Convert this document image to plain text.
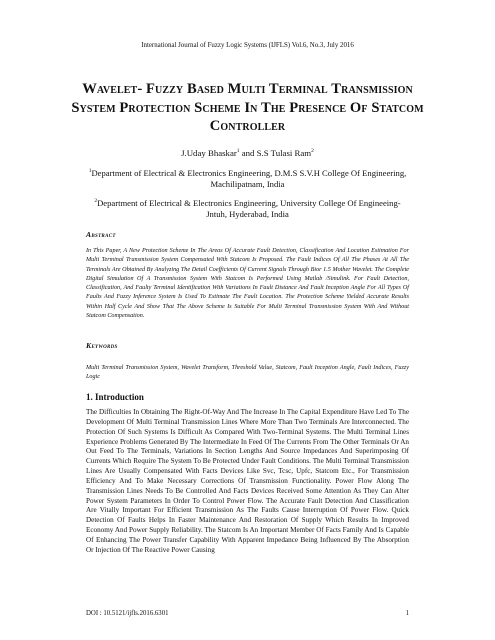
International Journal of Fuzzy Logic Systems (IJFLS) Vol.6, No.3, July 2016
Wavelet- Fuzzy Based Multi Terminal Transmission System Protection Scheme In The Presence Of Statcom Controller
J.Uday Bhaskar$^1$ and S.S Tulasi Ram$^2$
$^1$Department of Electrical & Electronics Engineering, D.M.S S.V.H College Of Engineering, Machilipatnam, India
$^2$Department of Electrical & Electronics Engineering, University College Of Engineeing-Jntuh, Hyderabad, India
Abstract
In This Paper, A New Protection Scheme In The Areas Of Accurate Fault Detection, Classification And Location Estimation For Multi Terminal Transmission System Compensated With Statcom Is Proposed. The Fault Indices Of All The Phases At All The Terminals Are Obtained By Analyzing The Detail Coefficients Of Current Signals Through Bior 1.5 Mother Wavelet. The Complete Digital Simulation Of A Transmission System With Statcom Is Performed Using Matlab /Simulink. For Fault Detection, Classification, And Faulty Terminal Identification With Variations In Fault Distance And Fault Inception Angle For All Types Of Faults And Fuzzy Inference System Is Used To Estimate The Fault Location. The Protection Scheme Yielded Accurate Results Within Half Cycle And Show That The Above Scheme Is Suitable For Multi Terminal Transmission System With And Without Statcom Compensation.
Keywords
Multi Terminal Transmission System, Wavelet Transform, Threshold Value, Statcom, Fault Inception Angle, Fault Indices, Fuzzy Logic
1. Introduction
The Difficulties In Obtaining The Right-Of-Way And The Increase In The Capital Expenditure Have Led To The Development Of Multi Terminal Transmission Lines Where More Than Two Terminals Are Interconnected. The Protection Of Such Systems Is Difficult As Compared With Two-Terminal Systems. The Multi Terminal Lines Experience Problems Generated By The Intermediate In Feed Of The Currents From The Other Terminals Or An Out Feed To The Terminals, Variations In Section Lengths And Source Impedances And Superimposing Of Currents Which Require The System To Be Protected Under Fault Conditions. The Multi Terminal Transmission Lines Are Usually Compensated With Facts Devices Like Svc, Tcsc, Upfc, Statcom Etc., For Transmission Efficiency And To Make Necessary Corrections Of Transmission Functionality. Power Flow Along The Transmission Lines Needs To Be Controlled And Facts Devices Received Some Attention As They Can Alter Power System Parameters In Order To Control Power Flow. The Accurate Fault Detection And Classification Are Vitally Important For Efficient Transmission As The Faults Cause Interruption Of Power Flow. Quick Detection Of Faults Helps In Faster Maintenance And Restoration Of Supply Which Results In Improved Economy And Power Supply Reliability. The Statcom Is An Important Member Of Facts Family And Is Capable Of Enhancing The Power Transfer Capability With Apparent Impedance Being Influenced By The Absorption Or Injection Of The Reactive Power Causing
DOI : 10.5121/ijfls.2016.6301	1
